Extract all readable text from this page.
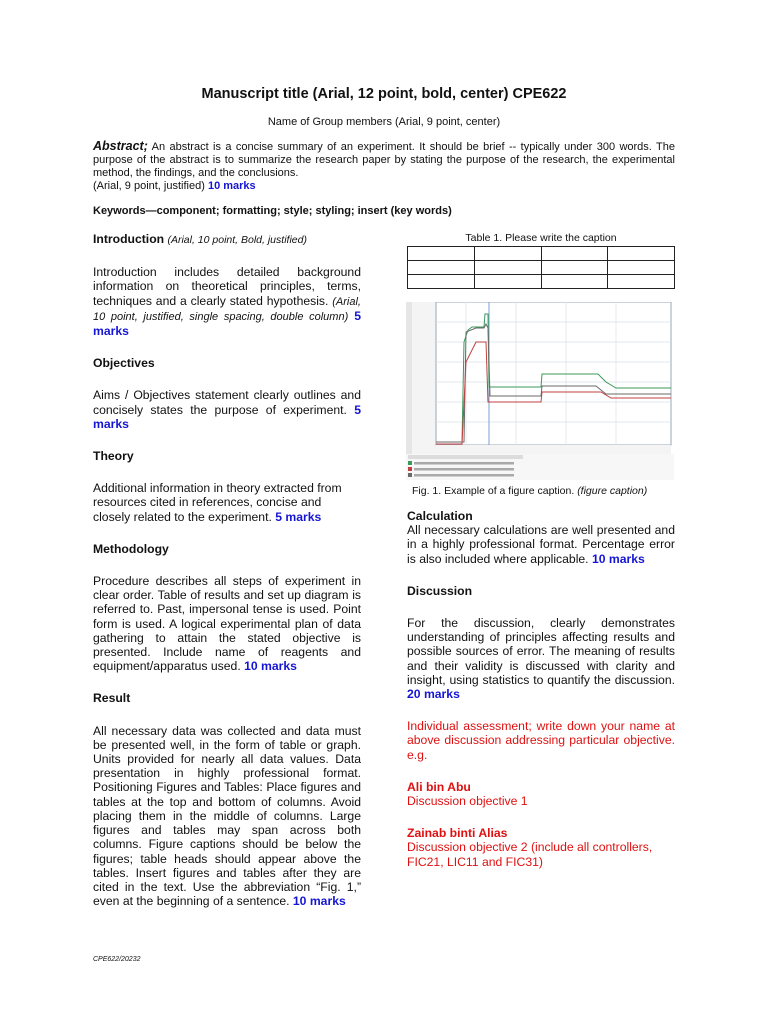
Manuscript title (Arial, 12 point, bold, center) CPE622
Name of Group members (Arial, 9 point, center)
Abstract; An abstract is a concise summary of an experiment. It should be brief -- typically under 300 words. The purpose of the abstract is to summarize the research paper by stating the purpose of the research, the experimental method, the findings, and the conclusions.
(Arial, 9 point, justified) 10 marks
Keywords—component; formatting; style; styling; insert (key words)
Introduction (Arial, 10 point, Bold, justified)

Introduction includes detailed background information on theoretical principles, terms, techniques and a clearly stated hypothesis. (Arial, 10 point, justified, single spacing, double column) 5 marks

Objectives

Aims / Objectives statement clearly outlines and concisely states the purpose of experiment. 5 marks

Theory

Additional information in theory extracted from resources cited in references, concise and closely related to the experiment. 5 marks

Methodology

Procedure describes all steps of experiment in clear order. Table of results and set up diagram is referred to. Past, impersonal tense is used. Point form is used. A logical experimental plan of data gathering to attain the stated objective is presented. Include name of reagents and equipment/apparatus used. 10 marks

Result

All necessary data was collected and data must be presented well, in the form of table or graph. Units provided for nearly all data values. Data presentation in highly professional format. Positioning Figures and Tables: Place figures and tables at the top and bottom of columns. Avoid placing them in the middle of columns. Large figures and tables may span across both columns. Figure captions should be below the figures; table heads should appear above the tables. Insert figures and tables after they are cited in the text. Use the abbreviation “Fig. 1,” even at the beginning of a sentence. 10 marks

Table 1. Please write the caption

Fig. 1. Example of a figure caption. (figure caption)
Calculation

All necessary calculations are well presented and in a highly professional format. Percentage error is also included where applicable. 10 marks

Discussion

For the discussion, clearly demonstrates understanding of principles affecting results and possible sources of error. The meaning of results and their validity is discussed with clarity and insight, using statistics to quantify the discussion. 20 marks

Individual assessment; write down your name at above discussion addressing particular objective. e.g.

Ali bin Abu
Discussion objective 1
Zainab binti Alias
Discussion objective 2 (include all controllers, FIC21, LIC11 and FIC31)
CPE622/20232
